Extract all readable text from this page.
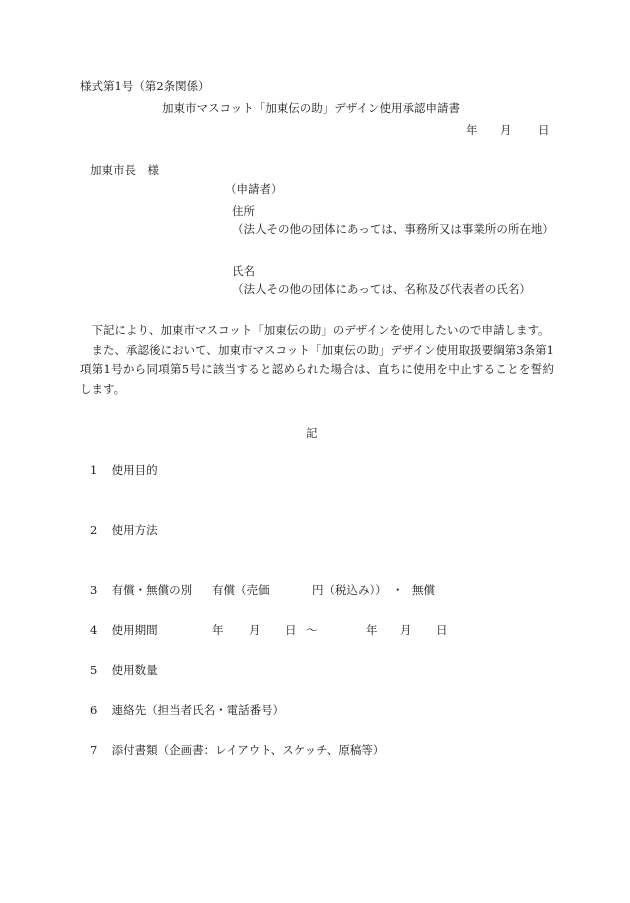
様式第1号（第2条関係）
加東市マスコット「加東伝の助」デザイン使用承認申請書
年 月 日
加東市長　様
（申請者）
住所
（法人その他の団体にあっては、事務所又は事業所の所在地）
氏名
（法人その他の団体にあっては、名称及び代表者の氏名）

下記により、加東市マスコット「加東伝の助」のデザインを使用したいので申請します。

また、承認後において、加東市マスコット「加東伝の助」デザイン使用取扱要綱第3条第1項第1号から同項第5号に該当すると認められた場合は、直ちに使用を中止することを誓約します。

記
1 使用目的
2 使用方法
3 有償・無償の別 有償（売価	円（税込み）） ・ 無償
4 使用期間	年 月 日 ～	年 月 日
5 使用数量
6 連絡先（担当者氏名・電話番号）
7 添付書類（企画書：レイアウト、スケッチ、原稿等）
